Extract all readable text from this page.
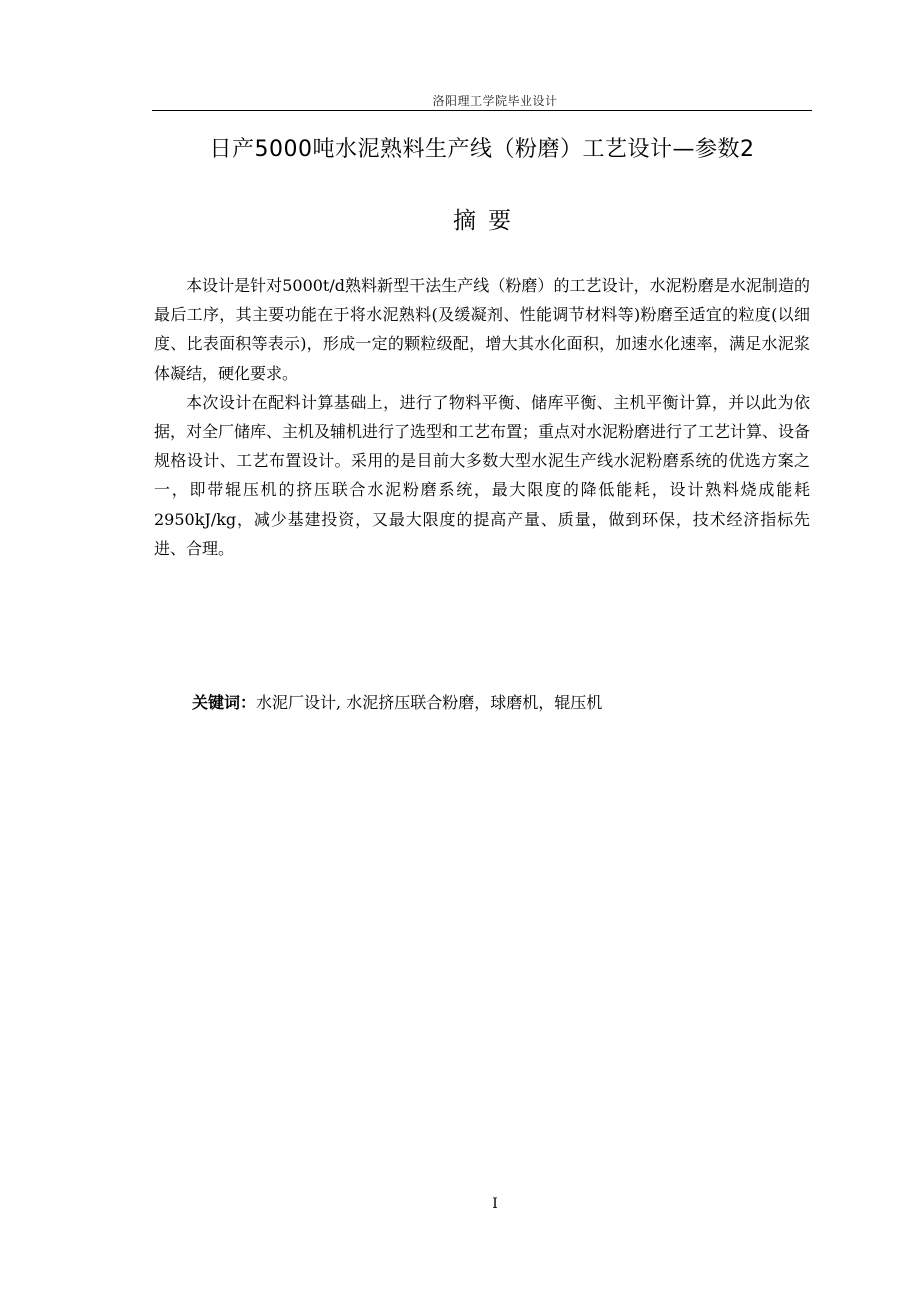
洛阳理工学院毕业设计
日产5000吨水泥熟料生产线（粉磨）工艺设计—参数2
摘要

本设计是针对5000t/d熟料新型干法生产线（粉磨）的工艺设计，水泥粉磨是水泥制造的最后工序，其主要功能在于将水泥熟料(及缓凝剂、性能调节材料等)粉磨至适宜的粒度(以细度、比表面积等表示)，形成一定的颗粒级配，增大其水化面积，加速水化速率，满足水泥浆体凝结，硬化要求。

本次设计在配料计算基础上，进行了物料平衡、储库平衡、主机平衡计算，并以此为依据，对全厂储库、主机及辅机进行了选型和工艺布置；重点对水泥粉磨进行了工艺计算、设备规格设计、工艺布置设计。采用的是目前大多数大型水泥生产线水泥粉磨系统的优选方案之一，即带辊压机的挤压联合水泥粉磨系统，最大限度的降低能耗，设计熟料烧成能耗2950kJ/kg，减少基建投资，又最大限度的提高产量、质量，做到环保，技术经济指标先进、合理。

关键词：水泥厂设计, 水泥挤压联合粉磨，球磨机，辊压机
I
